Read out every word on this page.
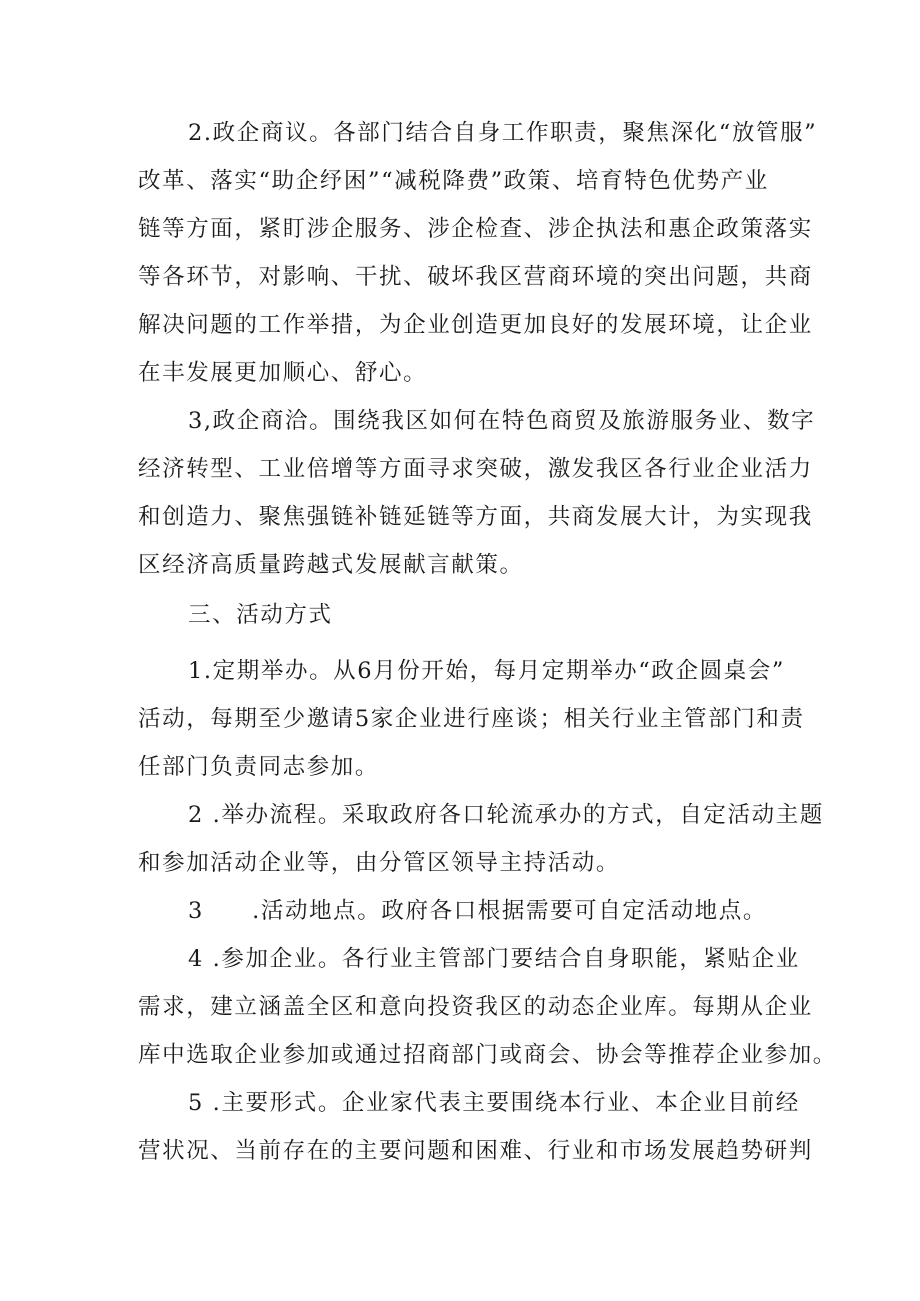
2.政企商议。各部门结合自身工作职责，聚焦深化“放管服”
改革、落实“助企纾困”“减税降费”政策、培育特色优势产业
链等方面，紧盯涉企服务、涉企检查、涉企执法和惠企政策落实
等各环节，对影响、干扰、破坏我区营商环境的突出问题，共商
解决问题的工作举措，为企业创造更加良好的发展环境，让企业
在丰发展更加顺心、舒心。
3,政企商洽。围绕我区如何在特色商贸及旅游服务业、数字
经济转型、工业倍增等方面寻求突破，激发我区各行业企业活力
和创造力、聚焦强链补链延链等方面，共商发展大计，为实现我
区经济高质量跨越式发展献言献策。
三、活动方式
1.定期举办。从6月份开始，每月定期举办“政企圆桌会”
活动，每期至少邀请5家企业进行座谈；相关行业主管部门和责
任部门负责同志参加。
2 .举办流程。采取政府各口轮流承办的方式，自定活动主题
和参加活动企业等，由分管区领导主持活动。
3　　.活动地点。政府各口根据需要可自定活动地点。
4 .参加企业。各行业主管部门要结合自身职能，紧贴企业
需求，建立涵盖全区和意向投资我区的动态企业库。每期从企业
库中选取企业参加或通过招商部门或商会、协会等推荐企业参加。
5 .主要形式。企业家代表主要围绕本行业、本企业目前经
营状况、当前存在的主要问题和困难、行业和市场发展趋势研判
